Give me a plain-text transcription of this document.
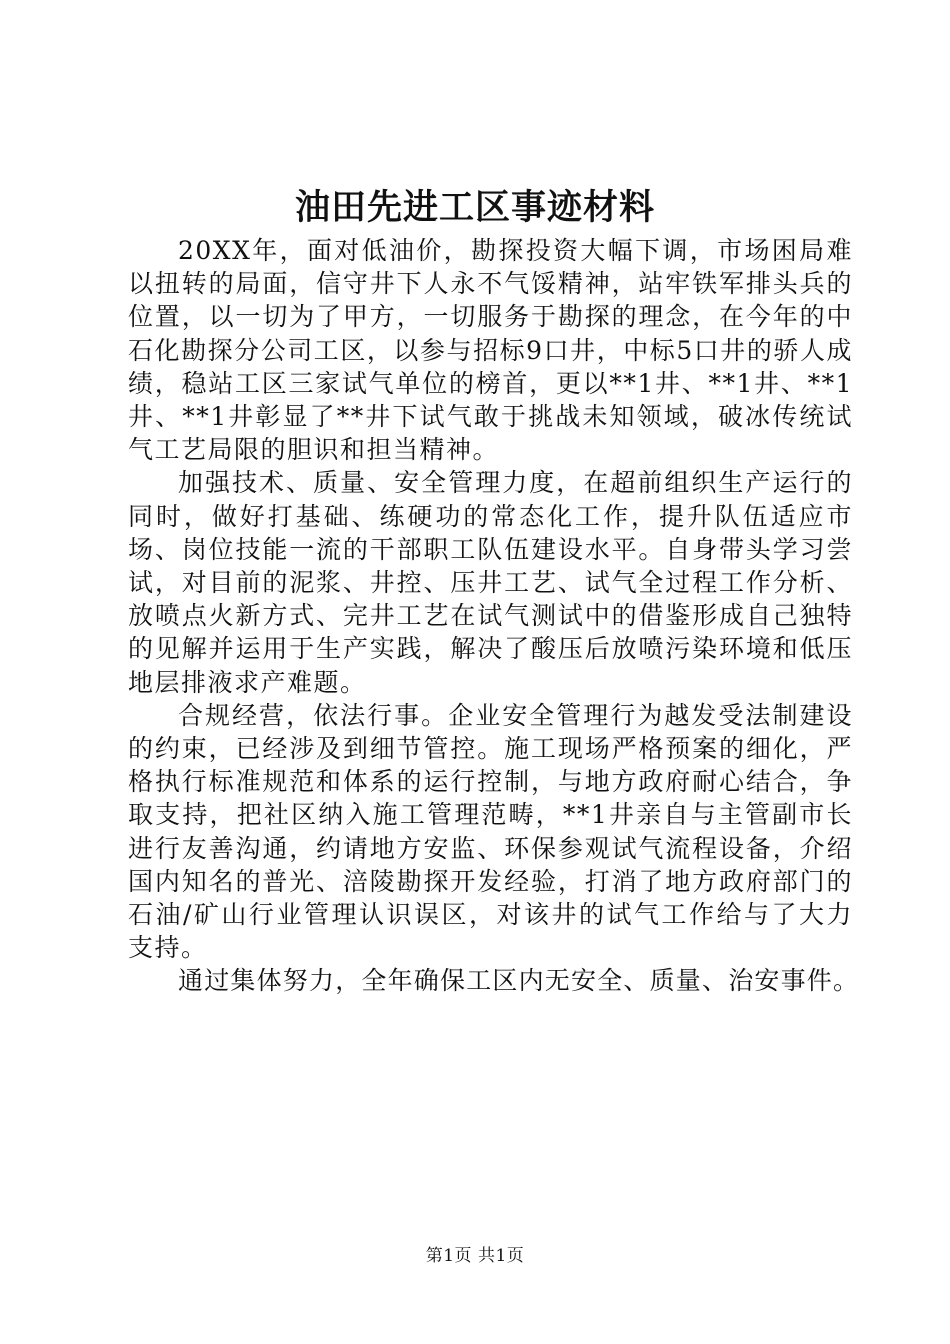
油田先进工区事迹材料

20XX年，面对低油价，勘探投资大幅下调，市场困局难以扭转的局面，信守井下人永不气馁精神，站牢铁军排头兵的位置，以一切为了甲方，一切服务于勘探的理念，在今年的中石化勘探分公司工区，以参与招标9口井，中标5口井的骄人成绩，稳站工区三家试气单位的榜首，更以**1井、**1井、**1井、**1井彰显了**井下试气敢于挑战未知领域，破冰传统试气工艺局限的胆识和担当精神。

加强技术、质量、安全管理力度，在超前组织生产运行的同时，做好打基础、练硬功的常态化工作，提升队伍适应市场、岗位技能一流的干部职工队伍建设水平。自身带头学习尝试，对目前的泥浆、井控、压井工艺、试气全过程工作分析、放喷点火新方式、完井工艺在试气测试中的借鉴形成自己独特的见解并运用于生产实践，解决了酸压后放喷污染环境和低压地层排液求产难题。

合规经营，依法行事。企业安全管理行为越发受法制建设的约束，已经涉及到细节管控。施工现场严格预案的细化，严格执行标准规范和体系的运行控制，与地方政府耐心结合，争取支持，把社区纳入施工管理范畴，**1井亲自与主管副市长进行友善沟通，约请地方安监、环保参观试气流程设备，介绍国内知名的普光、涪陵勘探开发经验，打消了地方政府部门的石油/矿山行业管理认识误区，对该井的试气工作给与了大力支持。

通过集体努力，全年确保工区内无安全、质量、治安事件。

第1页 共1页
